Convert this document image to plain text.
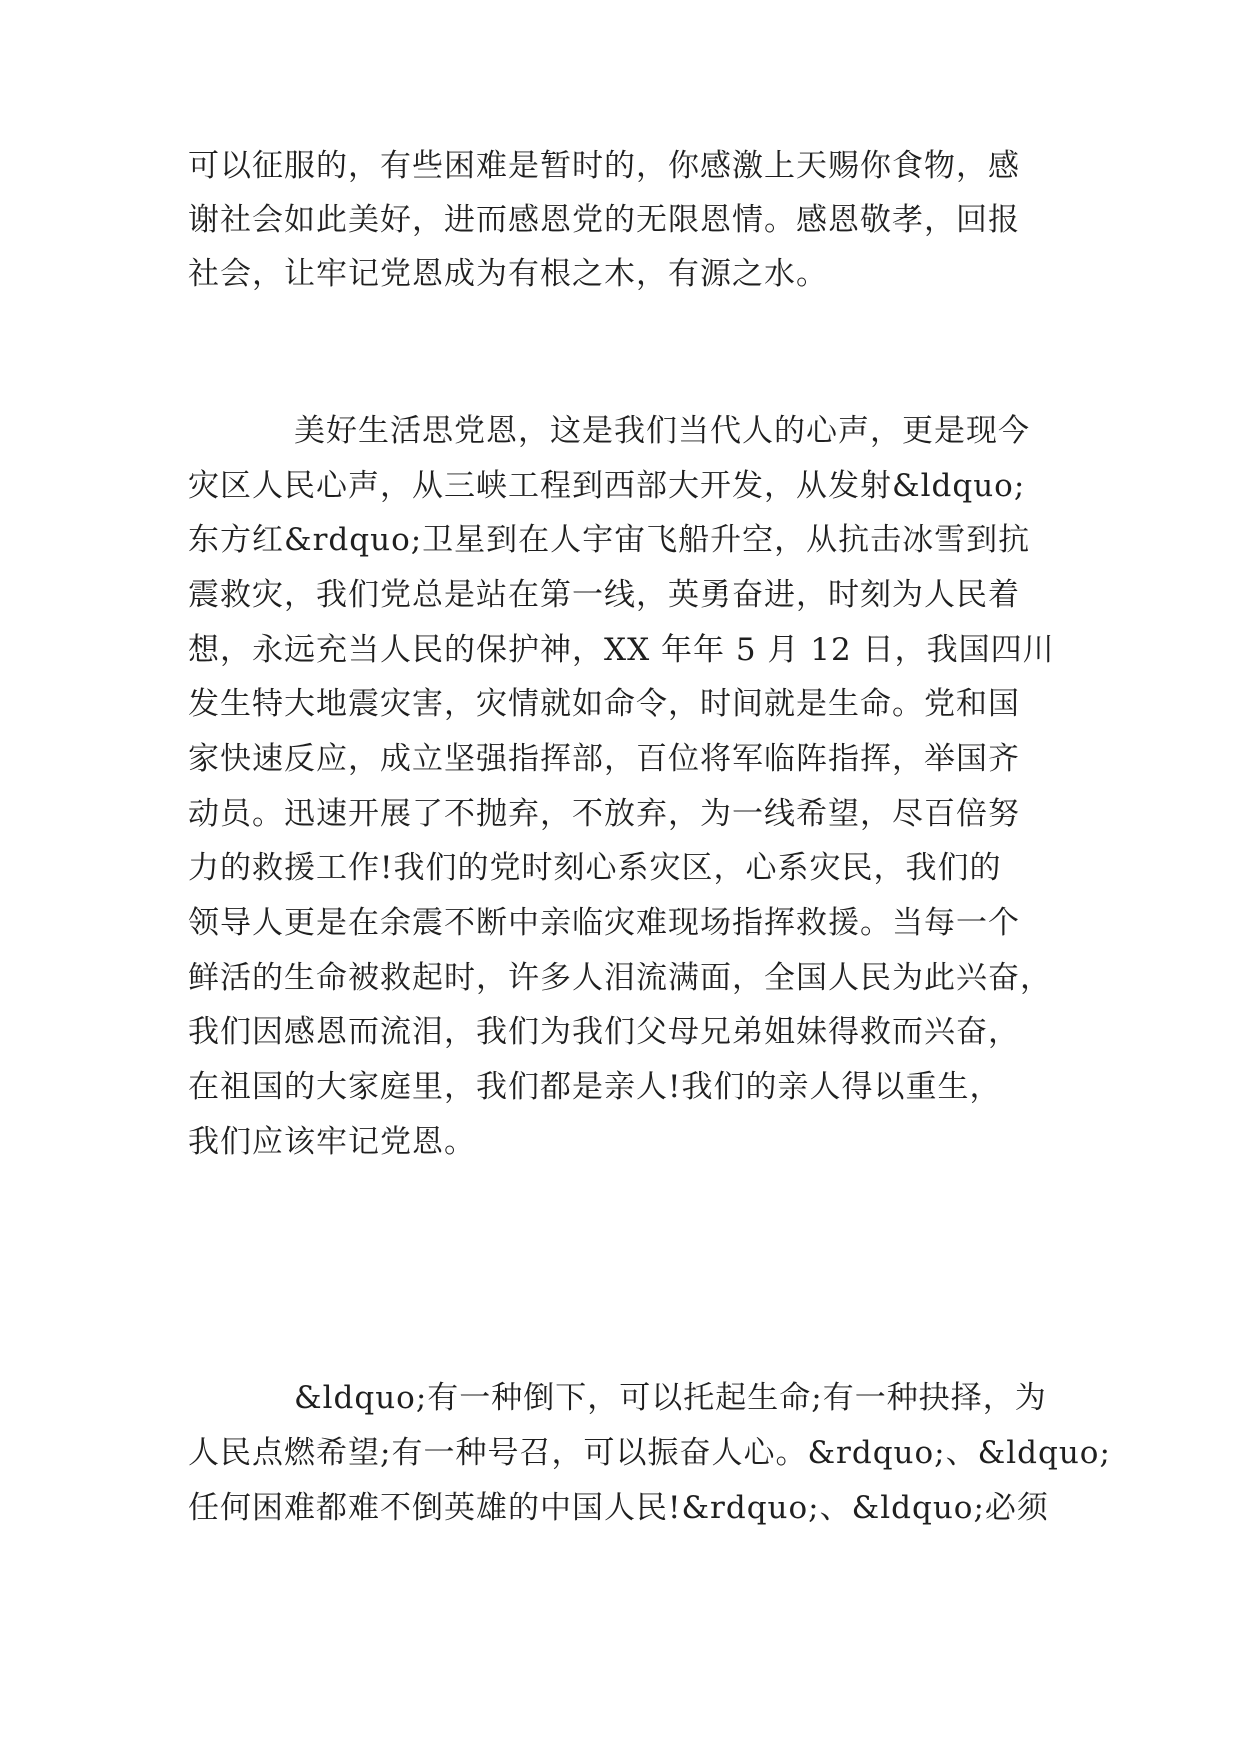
可以征服的，有些困难是暂时的，你感激上天赐你食物，感
谢社会如此美好，进而感恩党的无限恩情。感恩敬孝，回报
社会，让牢记党恩成为有根之木，有源之水。
美好生活思党恩，这是我们当代人的心声，更是现今
灾区人民心声，从三峡工程到西部大开发，从发射&ldquo;
东方红&rdquo;卫星到在人宇宙飞船升空，从抗击冰雪到抗
震救灾，我们党总是站在第一线，英勇奋进，时刻为人民着
想，永远充当人民的保护神，XX 年年 5 月 12 日，我国四川
发生特大地震灾害，灾情就如命令，时间就是生命。党和国
家快速反应，成立坚强指挥部，百位将军临阵指挥，举国齐
动员。迅速开展了不抛弃，不放弃，为一线希望，尽百倍努
力的救援工作!我们的党时刻心系灾区，心系灾民，我们的
领导人更是在余震不断中亲临灾难现场指挥救援。当每一个
鲜活的生命被救起时，许多人泪流满面，全国人民为此兴奋，
我们因感恩而流泪，我们为我们父母兄弟姐妹得救而兴奋，
在祖国的大家庭里，我们都是亲人!我们的亲人得以重生，
我们应该牢记党恩。
&ldquo;有一种倒下，可以托起生命;有一种抉择，为
人民点燃希望;有一种号召，可以振奋人心。&rdquo;、&ldquo;
任何困难都难不倒英雄的中国人民!&rdquo;、&ldquo;必须
